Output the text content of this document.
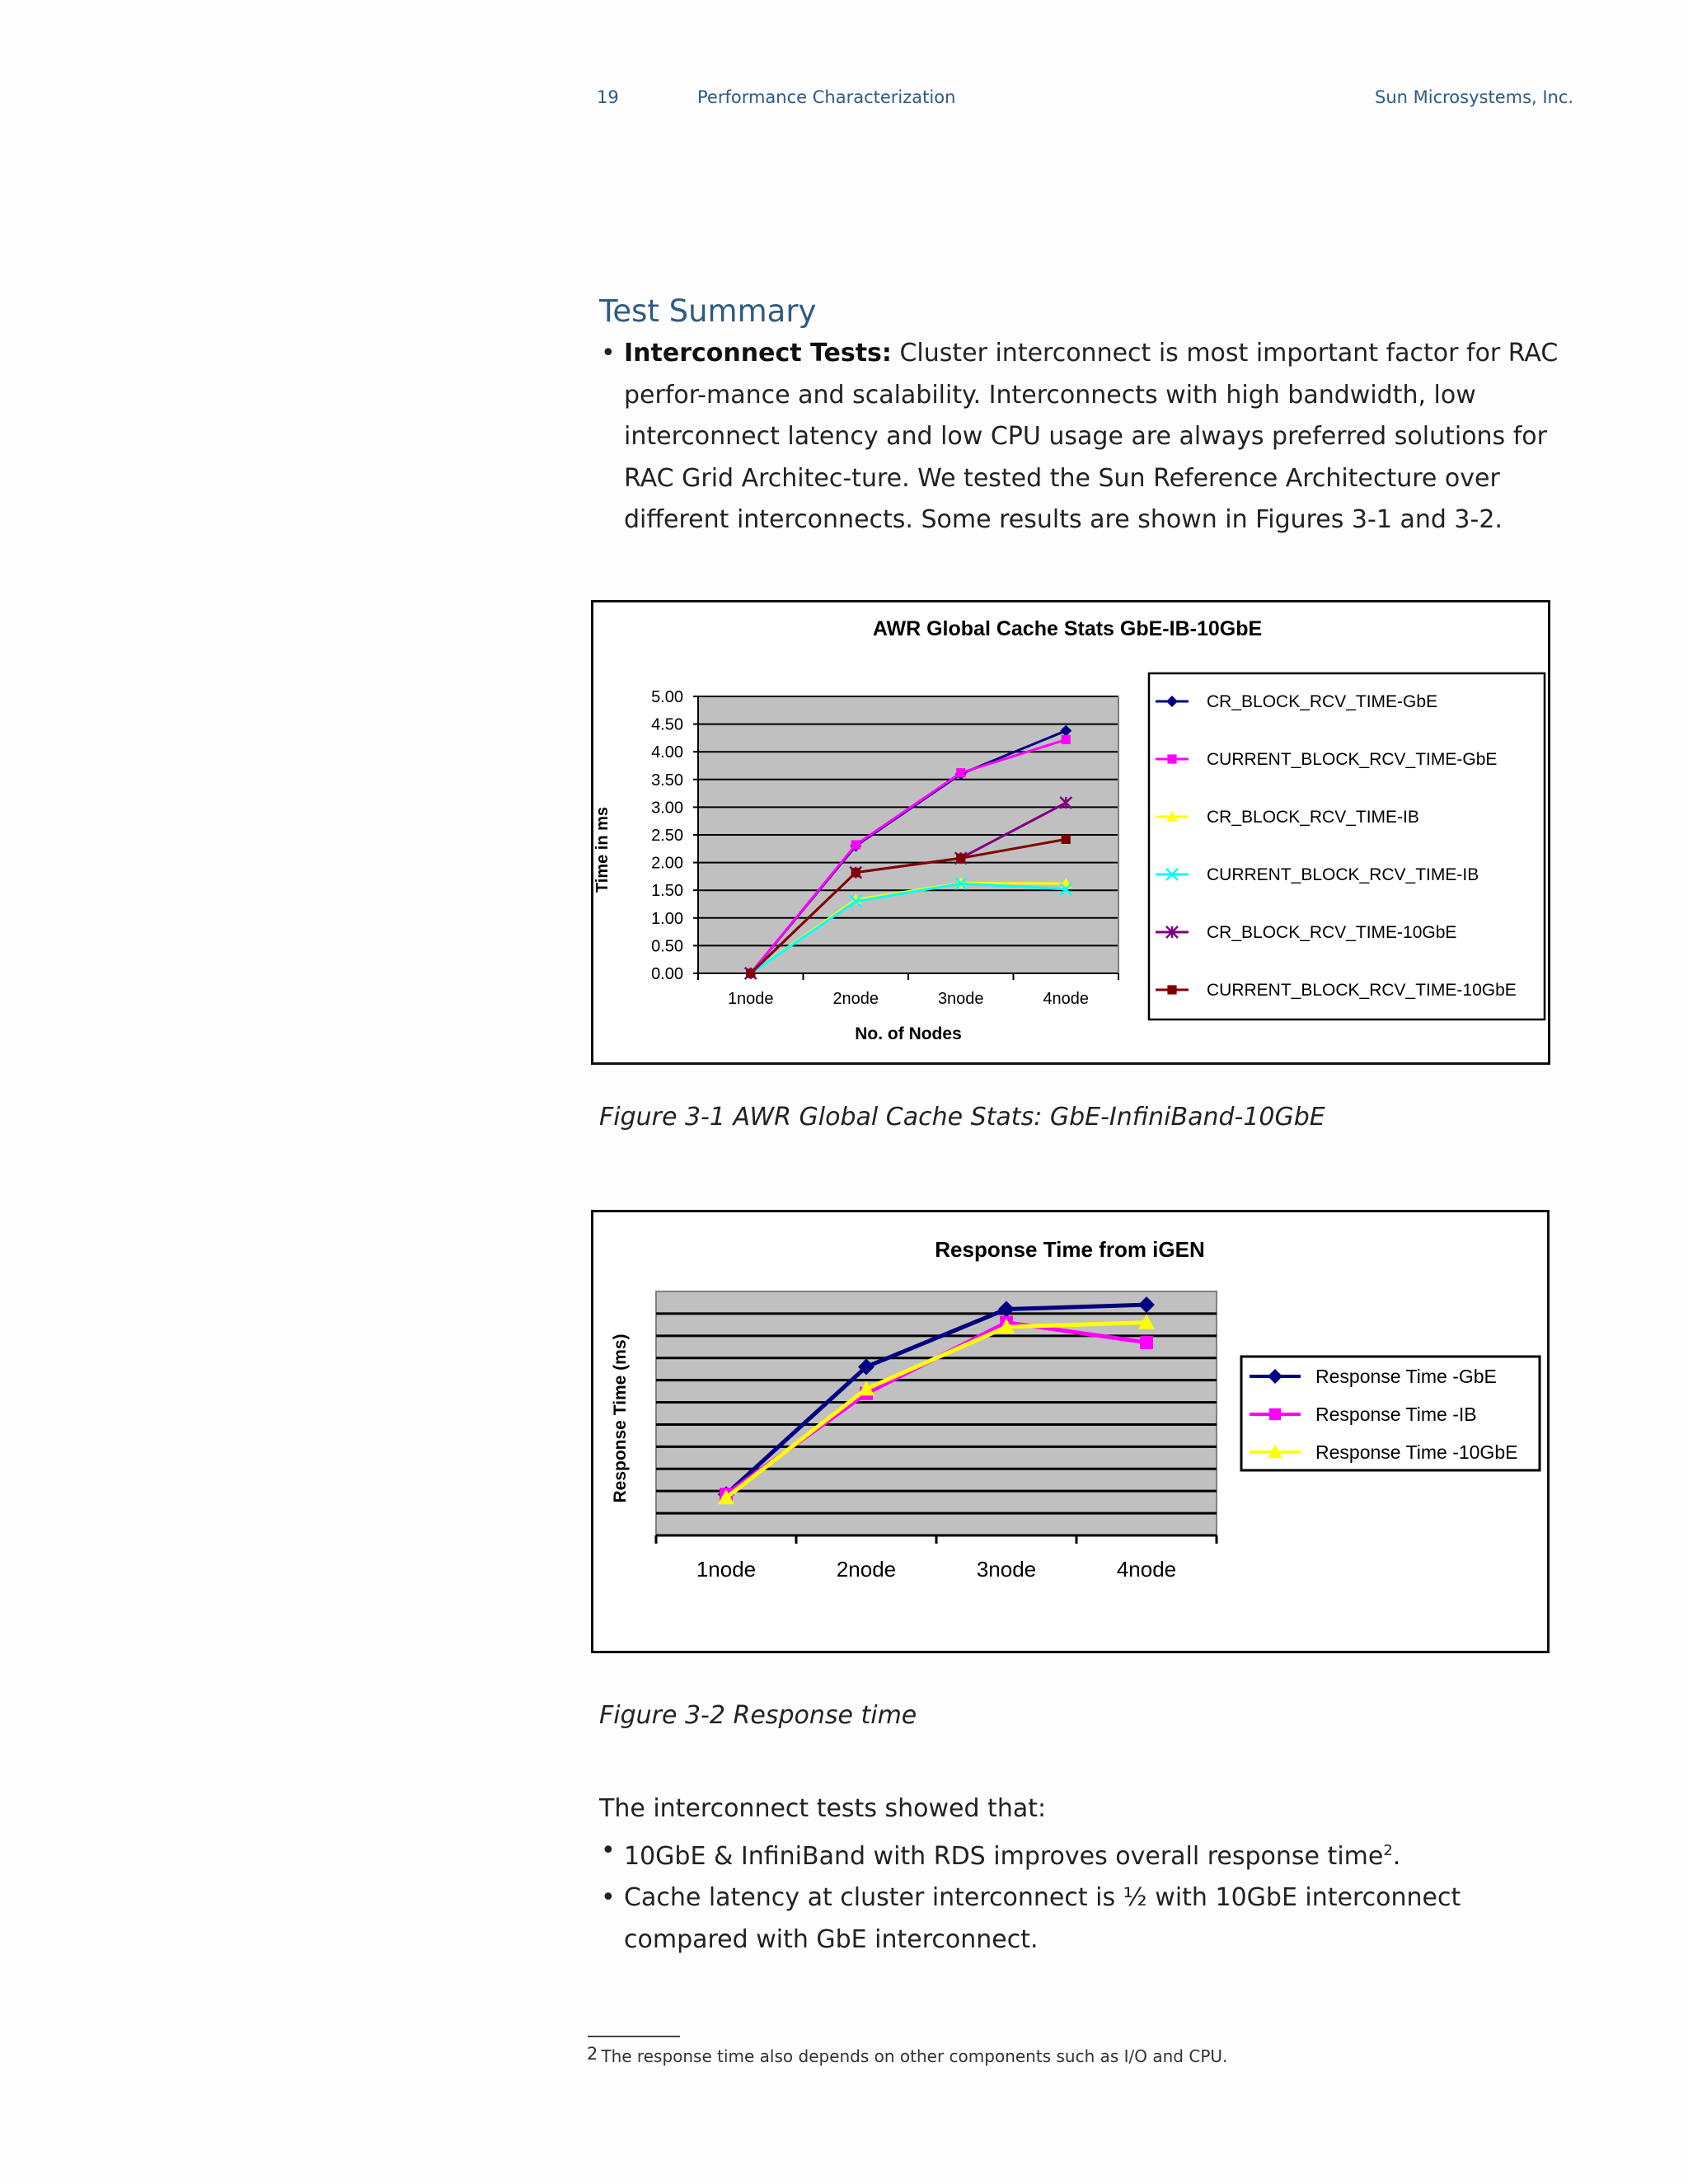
19	Performance Characterization	Sun Microsystems, Inc.
Test Summary
• Interconnect Tests: Cluster interconnect is most important factor for RAC perfor-mance and scalability. Interconnects with high bandwidth, low interconnect latency and low CPU usage are always preferred solutions for RAC Grid Architec-ture. We tested the Sun Reference Architecture over different interconnects. Some results are shown in Figures 3-1 and 3-2.
AWR Global Cache Stats GbE-IB-10GbE
0.00
0.50
1.00
1.50
2.00
2.50
3.00
3.50
4.00
4.50
5.00
1node	2node	3node	4node
Time in ms
No. of Nodes
CR_BLOCK_RCV_TIME-GbE
CURRENT_BLOCK_RCV_TIME-GbE
CR_BLOCK_RCV_TIME-IB
CURRENT_BLOCK_RCV_TIME-IB
CR_BLOCK_RCV_TIME-10GbE
CURRENT_BLOCK_RCV_TIME-10GbE
Figure 3-1 AWR Global Cache Stats: GbE-InfiniBand-10GbE
Response Time from iGEN
1node	2node	3node	4node
Response Time (ms)	Response Time -GbE
Response Time -IB
Response Time -10GbE
Figure 3-2 Response time
The interconnect tests showed that:
• 10GbE & InfiniBand with RDS improves overall response time$^2$.
• Cache latency at cluster interconnect is ½ with 10GbE interconnect compared with GbE interconnect.
2 The response time also depends on other components such as I/O and CPU.
